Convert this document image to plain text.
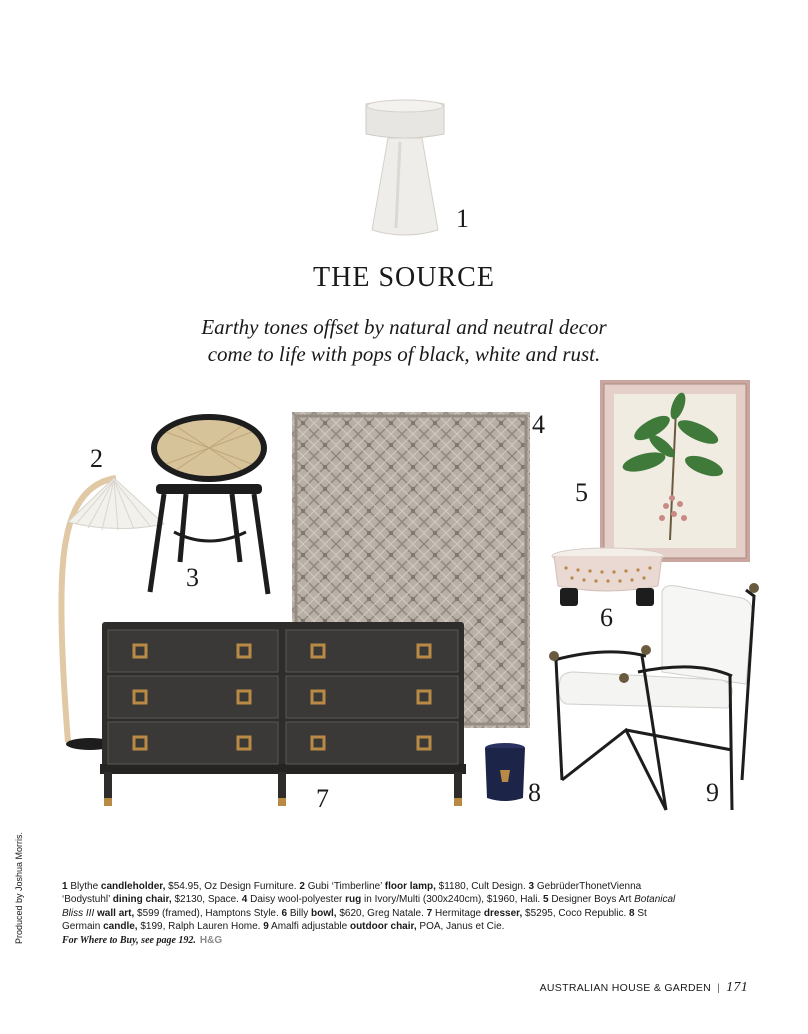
1
THE SOURCE
Earthy tones offset by natural and neutral decor
come to life with pops of black, white and rust.
2
3
4
5
6
7	8	9
Produced by Joshua Morris.	1 Blythe candleholder, $54.95, Oz Design Furniture. 2 Gubi ‘Timberline’ floor lamp, $1180, Cult Design. 3 GebrüderThonetVienna ‘Bodystuhl’ dining chair, $2130, Space. 4 Daisy wool-polyester rug in Ivory/Multi (300x240cm), $1960, Hali. 5 Designer Boys Art Botanical Bliss III wall art, $599 (framed), Hamptons Style. 6 Billy bowl, $620, Greg Natale. 7 Hermitage dresser, $5295, Coco Republic. 8 St Germain candle, $199, Ralph Lauren Home. 9 Amalfi adjustable outdoor chair, POA, Janus et Cie.
For Where to Buy, see page 192. H&G
AUSTRALIAN HOUSE & GARDEN | 171
